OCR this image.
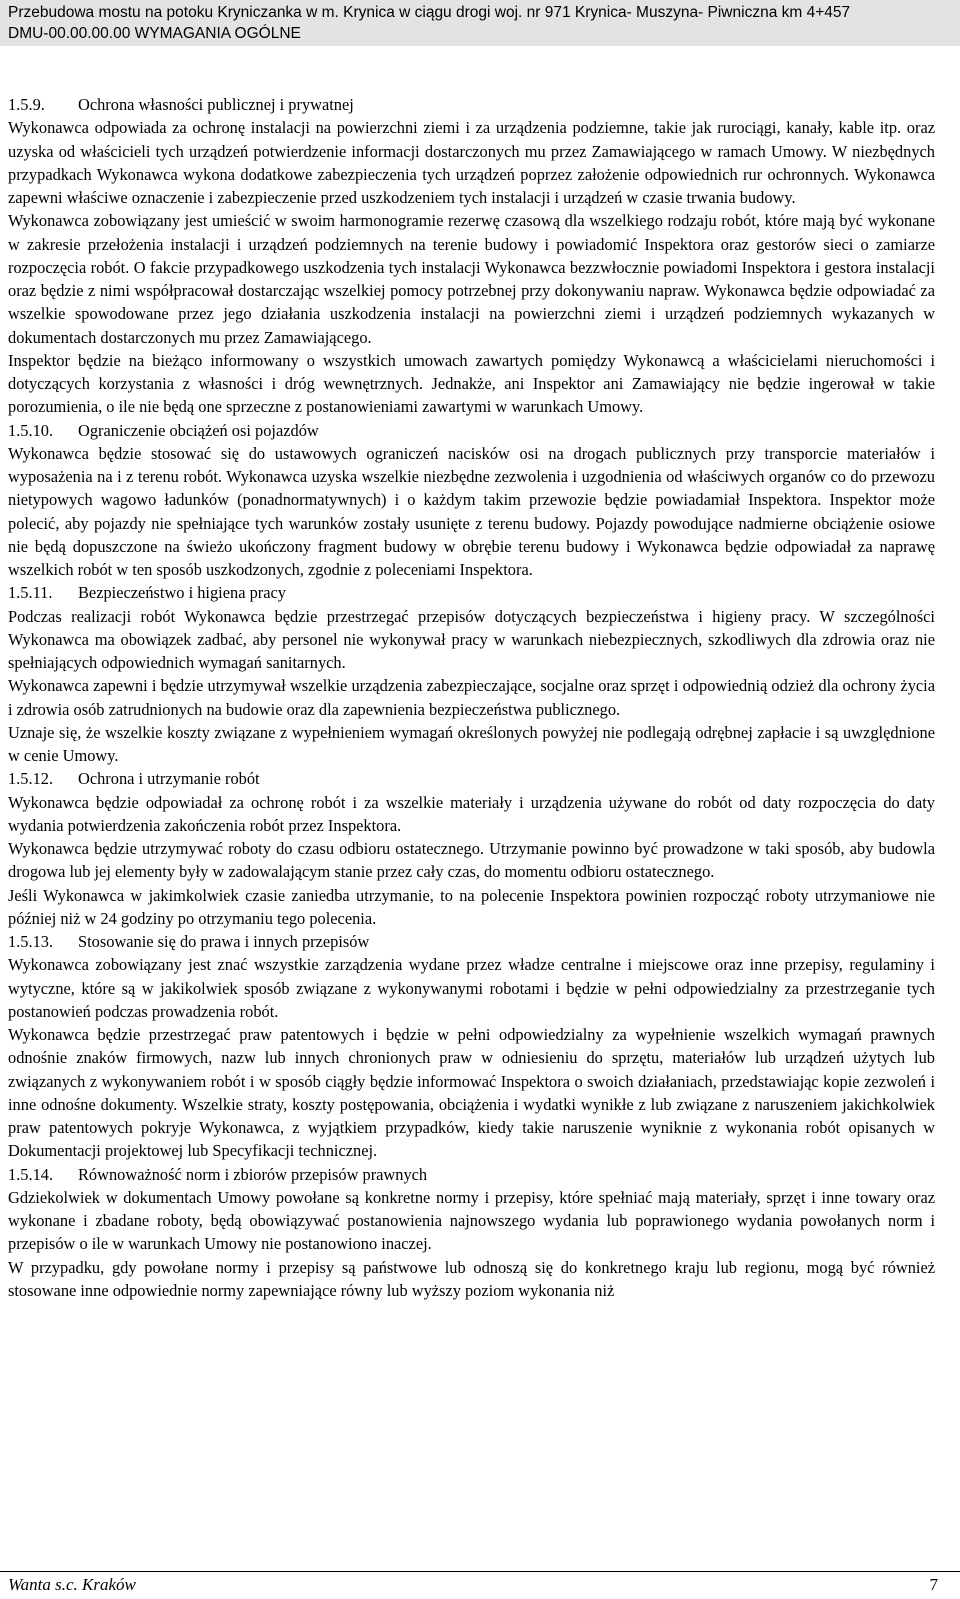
Przebudowa mostu na potoku Kryniczanka w m. Krynica w ciągu drogi woj. nr 971 Krynica- Muszyna- Piwniczna km 4+457
DMU-00.00.00.00 WYMAGANIA OGÓLNE
1.5.9.	Ochrona własności publicznej i prywatnej

Wykonawca odpowiada za ochronę instalacji na powierzchni ziemi i za urządzenia podziemne, takie jak rurociągi, kanały, kable itp. oraz uzyska od właścicieli tych urządzeń potwierdzenie informacji dostarczonych mu przez Zamawiającego w ramach Umowy. W niezbędnych przypadkach Wykonawca wykona dodatkowe zabezpieczenia tych urządzeń poprzez założenie odpowiednich rur ochronnych. Wykonawca zapewni właściwe oznaczenie i zabezpieczenie przed uszkodzeniem tych instalacji i urządzeń w czasie trwania budowy.

Wykonawca zobowiązany jest umieścić w swoim harmonogramie rezerwę czasową dla wszelkiego rodzaju robót, które mają być wykonane w zakresie przełożenia instalacji i urządzeń podziemnych na terenie budowy i powiadomić Inspektora oraz gestorów sieci o zamiarze rozpoczęcia robót. O fakcie przypadkowego uszkodzenia tych instalacji Wykonawca bezzwłocznie powiadomi Inspektora i gestora instalacji oraz będzie z nimi współpracował dostarczając wszelkiej pomocy potrzebnej przy dokonywaniu napraw. Wykonawca będzie odpowiadać za wszelkie spowodowane przez jego działania uszkodzenia instalacji na powierzchni ziemi i urządzeń podziemnych wykazanych w dokumentach dostarczonych mu przez Zamawiającego.

Inspektor będzie na bieżąco informowany o wszystkich umowach zawartych pomiędzy Wykonawcą a właścicielami nieruchomości i dotyczących korzystania z własności i dróg wewnętrznych. Jednakże, ani Inspektor ani Zamawiający nie będzie ingerował w takie porozumienia, o ile nie będą one sprzeczne z postanowieniami zawartymi w warunkach Umowy.

1.5.10.	Ograniczenie obciążeń osi pojazdów

Wykonawca będzie stosować się do ustawowych ograniczeń nacisków osi na drogach publicznych przy transporcie materiałów i wyposażenia na i z terenu robót. Wykonawca uzyska wszelkie niezbędne zezwolenia i uzgodnienia od właściwych organów co do przewozu nietypowych wagowo ładunków (ponadnormatywnych) i o każdym takim przewozie będzie powiadamiał Inspektora. Inspektor może polecić, aby pojazdy nie spełniające tych warunków zostały usunięte z terenu budowy. Pojazdy powodujące nadmierne obciążenie osiowe nie będą dopuszczone na świeżo ukończony fragment budowy w obrębie terenu budowy i Wykonawca będzie odpowiadał za naprawę wszelkich robót w ten sposób uszkodzonych, zgodnie z poleceniami Inspektora.

1.5.11.	Bezpieczeństwo i higiena pracy

Podczas realizacji robót Wykonawca będzie przestrzegać przepisów dotyczących bezpieczeństwa i higieny pracy. W szczególności Wykonawca ma obowiązek zadbać, aby personel nie wykonywał pracy w warunkach niebezpiecznych, szkodliwych dla zdrowia oraz nie spełniających odpowiednich wymagań sanitarnych.

Wykonawca zapewni i będzie utrzymywał wszelkie urządzenia zabezpieczające, socjalne oraz sprzęt i odpowiednią odzież dla ochrony życia i zdrowia osób zatrudnionych na budowie oraz dla zapewnienia bezpieczeństwa publicznego.

Uznaje się, że wszelkie koszty związane z wypełnieniem wymagań określonych powyżej nie podlegają odrębnej zapłacie i są uwzględnione w cenie Umowy.

1.5.12.	Ochrona i utrzymanie robót

Wykonawca będzie odpowiadał za ochronę robót i za wszelkie materiały i urządzenia używane do robót od daty rozpoczęcia do daty wydania potwierdzenia zakończenia robót przez Inspektora.

Wykonawca będzie utrzymywać roboty do czasu odbioru ostatecznego. Utrzymanie powinno być prowadzone w taki sposób, aby budowla drogowa lub jej elementy były w zadowalającym stanie przez cały czas, do momentu odbioru ostatecznego.

Jeśli Wykonawca w jakimkolwiek czasie zaniedba utrzymanie, to na polecenie Inspektora powinien rozpocząć roboty utrzymaniowe nie później niż w 24 godziny po otrzymaniu tego polecenia.

1.5.13.	Stosowanie się do prawa i innych przepisów

Wykonawca zobowiązany jest znać wszystkie zarządzenia wydane przez władze centralne i miejscowe oraz inne przepisy, regulaminy i wytyczne, które są w jakikolwiek sposób związane z wykonywanymi robotami i będzie w pełni odpowiedzialny za przestrzeganie tych postanowień podczas prowadzenia robót.

Wykonawca będzie przestrzegać praw patentowych i będzie w pełni odpowiedzialny za wypełnienie wszelkich wymagań prawnych odnośnie znaków firmowych, nazw lub innych chronionych praw w odniesieniu do sprzętu, materiałów lub urządzeń użytych lub związanych z wykonywaniem robót i w sposób ciągły będzie informować Inspektora o swoich działaniach, przedstawiając kopie zezwoleń i inne odnośne dokumenty. Wszelkie straty, koszty postępowania, obciążenia i wydatki wynikłe z lub związane z naruszeniem jakichkolwiek praw patentowych pokryje Wykonawca, z wyjątkiem przypadków, kiedy takie naruszenie wyniknie z wykonania robót opisanych w Dokumentacji projektowej lub Specyfikacji technicznej.

1.5.14.	Równoważność norm i zbiorów przepisów prawnych

Gdziekolwiek w dokumentach Umowy powołane są konkretne normy i przepisy, które spełniać mają materiały, sprzęt i inne towary oraz wykonane i zbadane roboty, będą obowiązywać postanowienia najnowszego wydania lub poprawionego wydania powołanych norm i przepisów o ile w warunkach Umowy nie postanowiono inaczej.

W przypadku, gdy powołane normy i przepisy są państwowe lub odnoszą się do konkretnego kraju lub regionu, mogą być również stosowane inne odpowiednie normy zapewniające równy lub wyższy poziom wykonania niż

Wanta s.c. Kraków	7
